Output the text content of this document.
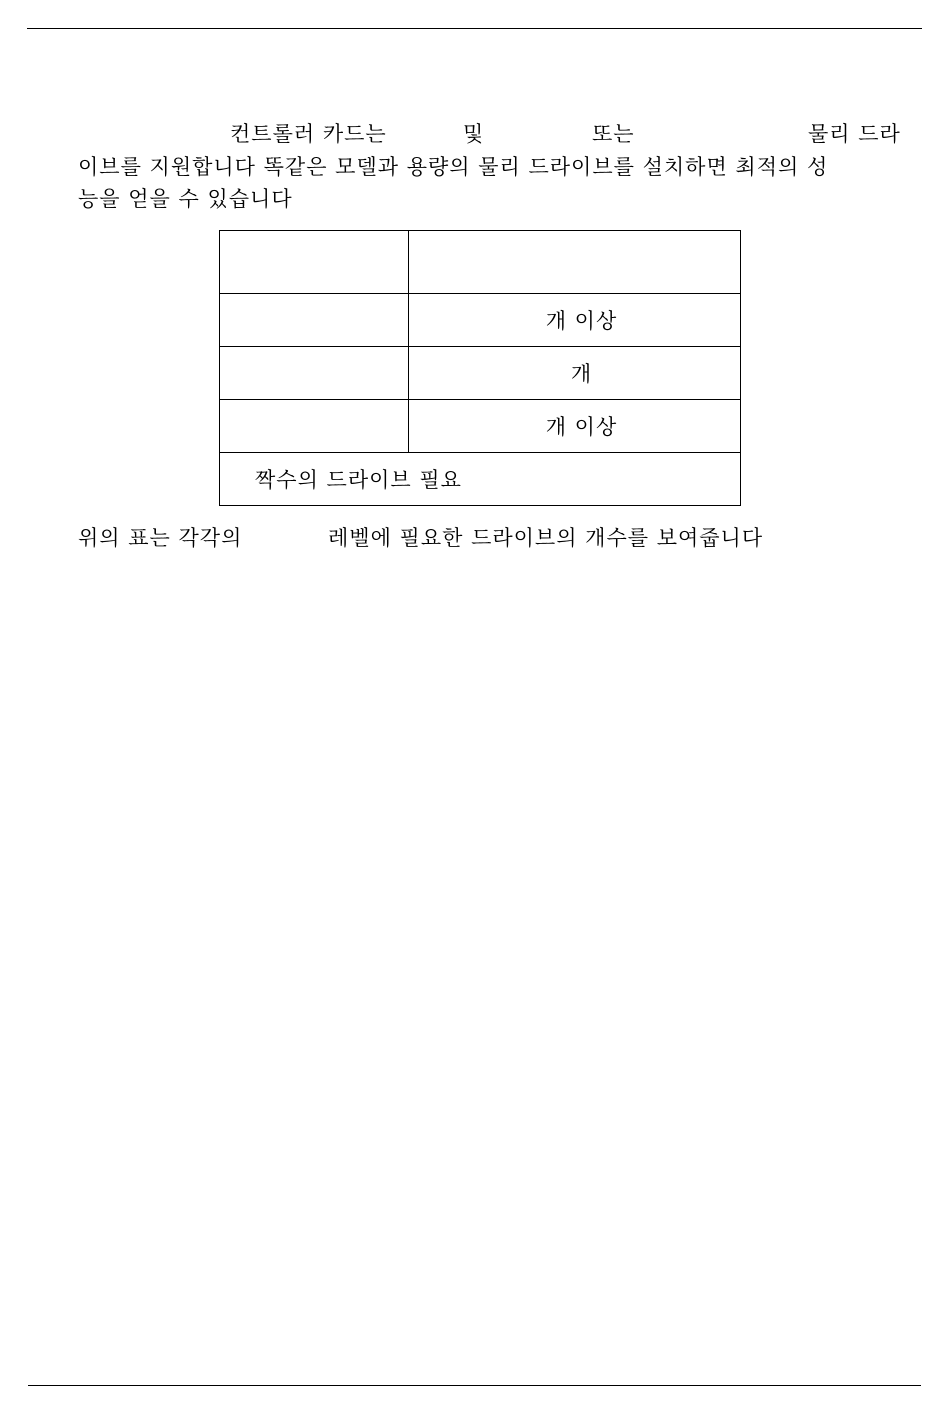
컨트롤러 카드는	및	또는	물리 드라
이브를 지원합니다 똑같은 모델과 용량의 물리 드라이브를 설치하면 최적의 성
능을 얻을 수 있습니다

	개 이상
	개
	개 이상
짝수의 드라이브 필요	
위의 표는 각각의	레벨에 필요한 드라이브의 개수를 보여줍니다
